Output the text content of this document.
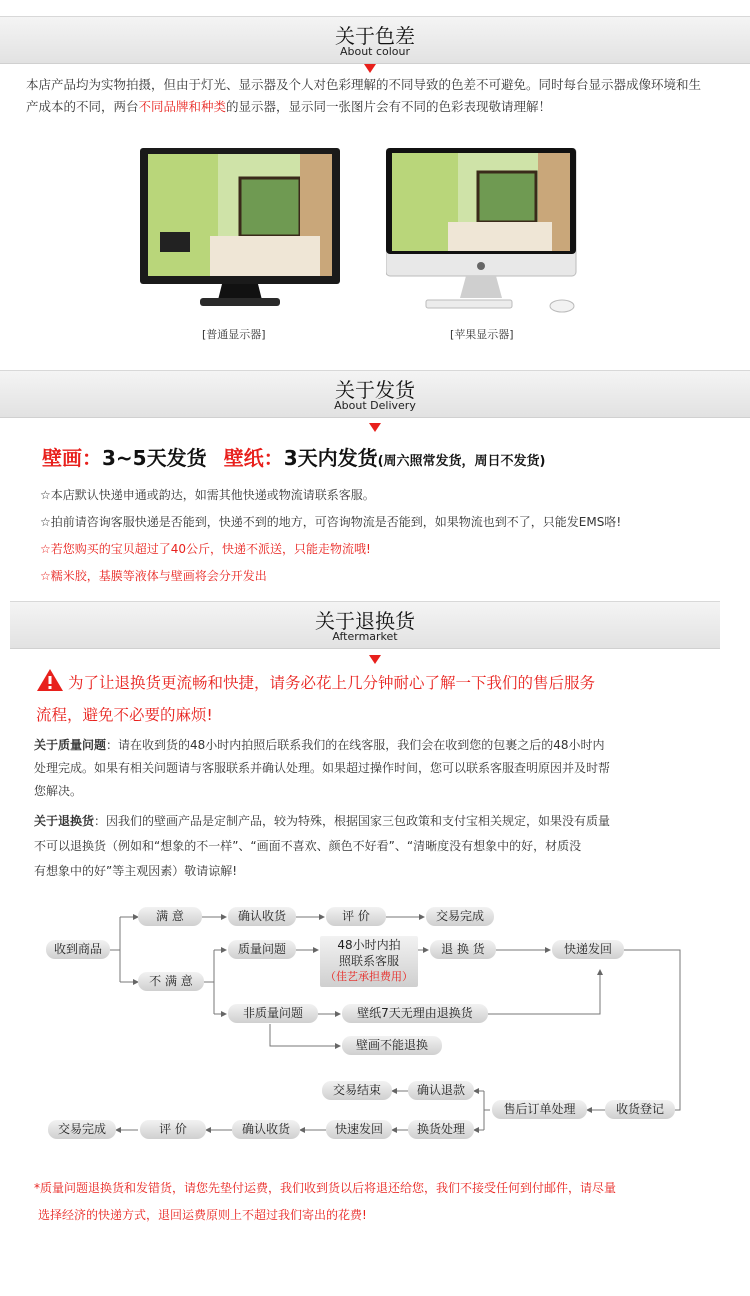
关于色差
About colour
本店产品均为实物拍摄，但由于灯光、显示器及个人对色彩理解的不同导致的色差不可避免。同时每台显示器成像环境和生产成本的不同，两台不同品牌和种类的显示器，显示同一张图片会有不同的色彩表现敬请理解！
[普通显示器]	[苹果显示器]
关于发货
About Delivery
壁画：3~5天发货 壁纸：3天内发货(周六照常发货，周日不发货)
☆本店默认快递申通或韵达，如需其他快递或物流请联系客服。
☆拍前请咨询客服快递是否能到，快递不到的地方，可咨询物流是否能到，如果物流也到不了，只能发EMS咯!
☆若您购买的宝贝超过了40公斤，快递不派送，只能走物流哦!
☆糯米胶，基膜等液体与壁画将会分开发出
关于退换货
Aftermarket
为了让退换货更流畅和快捷，请务必花上几分钟耐心了解一下我们的售后服务
流程，避免不必要的麻烦!
关于质量问题：请在收到货的48小时内拍照后联系我们的在线客服，我们会在收到您的包裹之后的48小时内
处理完成。如果有相关问题请与客服联系并确认处理。如果超过操作时间，您可以联系客服查明原因并及时帮
您解决。
关于退换货：因我们的壁画产品是定制产品，较为特殊，根据国家三包政策和支付宝相关规定，如果没有质量
不可以退换货（例如和“想象的不一样”、“画面不喜欢、颜色不好看”、“清晰度没有想象中的好，材质没
有想象中的好”等主观因素）敬请谅解!
收到商品
满 意	确认收货	评 价	交易完成
不 满 意
质量问题	48小时内拍
照联系客服
（佳艺承担费用）
退 换 货	快递发回
非质量问题	壁纸7天无理由退换货
壁画不能退换
交易结束	确认退款
售后订单处理	收货登记
交易完成	评 价	确认收货	快速发回	换货处理
*质量问题退换货和发错货，请您先垫付运费，我们收到货以后将退还给您，我们不接受任何到付邮件，请尽量
选择经济的快递方式，退回运费原则上不超过我们寄出的花费!
